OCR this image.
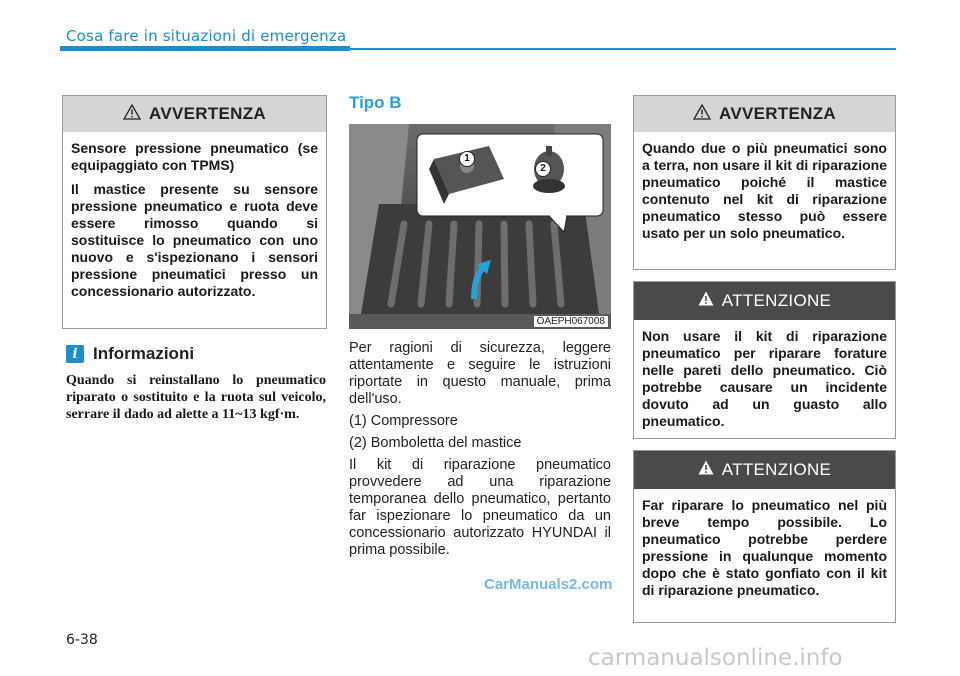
Cosa fare in situazioni di emergenza
AVVERTENZA

Sensore pressione pneumatico (se equipaggiato con TPMS)

Il mastice presente su sensore pressione pneumatico e ruota deve essere rimosso quando si sostituisce lo pneumatico con uno nuovo e s'ispezionano i sensori pressione pneumatici presso un concessionario autorizzato.

i Informazioni
Quando si reinstallano lo pneumatico riparato o sostituito e la ruota sul veicolo, serrare il dado ad alette a 11~13 kgf·m.
Tipo B
1
2
OAEPH067008

Per ragioni di sicurezza, leggere attentamente e seguire le istruzioni riportate in questo manuale, prima dell'uso.

(1) Compressore

(2) Bomboletta del mastice

Il kit di riparazione pneumatico provvedere ad una riparazione temporanea dello pneumatico, pertanto far ispezionare lo pneumatico da un concessionario autorizzato HYUNDAI il prima possibile.

CarManuals2.com
AVVERTENZA

Quando due o più pneumatici sono a terra, non usare il kit di riparazione pneumatico poiché il mastice contenuto nel kit di riparazione pneumatico stesso può essere usato per un solo pneumatico.

ATTENZIONE

Non usare il kit di riparazione pneumatico per riparare forature nelle pareti dello pneumatico. Ciò potrebbe causare un incidente dovuto ad un guasto allo pneumatico.

ATTENZIONE

Far riparare lo pneumatico nel più breve tempo possibile. Lo pneumatico potrebbe perdere pressione in qualunque momento dopo che è stato gonfiato con il kit di riparazione pneumatico.

6-38
carmanualsonline.info
